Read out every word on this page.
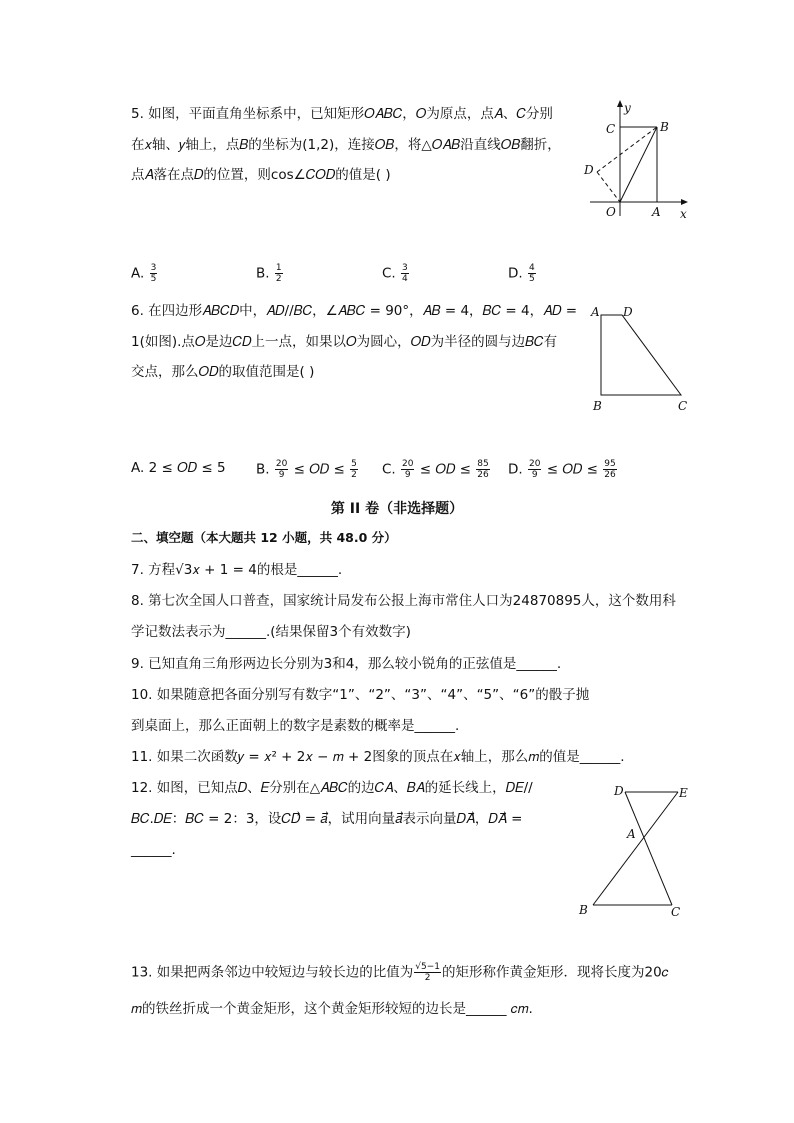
5. 如图，平面直角坐标系中，已知矩形𝑂𝐴𝐵𝐶，𝑂为原点，点𝐴、𝐶分别
在𝑥轴、𝑦轴上，点𝐵的坐标为(1,2)，连接𝑂𝐵，将△𝑂𝐴𝐵沿直线𝑂𝐵翻折，
点𝐴落在点𝐷的位置，则cos∠𝐶𝑂𝐷的值是( )
y
C	B
D
O	A x
A. $\frac{3}{5}$	B. $\frac{1}{2}$	C. $\frac{3}{4}$	D. $\frac{4}{5}$
6. 在四边形𝐴𝐵𝐶𝐷中，𝐴𝐷//𝐵𝐶，∠𝐴𝐵𝐶 = 90°，𝐴𝐵 = 4，𝐵𝐶 = 4，𝐴𝐷 =
1(如图).点𝑂是边𝐶𝐷上一点，如果以𝑂为圆心，𝑂𝐷为半径的圆与边𝐵𝐶有
交点，那么𝑂𝐷的取值范围是( )
A D
B	C
A. 2 ≤ 𝑂𝐷 ≤ 5 B. $\frac{20}{9}$ ≤ 𝑂𝐷 ≤ $\frac{5}{2} C$. $\frac{20}{9}$ ≤ 𝑂𝐷 ≤ $\frac{85}{26} D$. $\frac{20}{9}$ ≤ 𝑂𝐷 ≤ $\frac{95}{26}$
第 II 卷（非选择题）
二、填空题（本大题共 12 小题，共 48.0 分）
7. 方程√3𝑥 + 1 = 4的根是______.
8. 第七次全国人口普查，国家统计局发布公报上海市常住人口为24870895人，这个数用科
学记数法表示为______.(结果保留3个有效数字)
9. 已知直角三角形两边长分别为3和4，那么较小锐角的正弦值是______.
10. 如果随意把各面分别写有数字“1”、“2”、“3”、“4”、“5”、“6”的骰子抛
到桌面上，那么正面朝上的数字是素数的概率是______.
11. 如果二次函数𝑦 = 𝑥² + 2𝑥 − 𝑚 + 2图象的顶点在𝑥轴上，那么𝑚的值是______.
12. 如图，已知点𝐷、𝐸分别在△𝐴𝐵𝐶的边𝐶𝐴、𝐵𝐴的延长线上，𝐷𝐸//
𝐵𝐶.𝐷𝐸：𝐵𝐶 = 2：3，设𝐶𝐷⃗ = 𝑎⃗，试用向量𝑎⃗表示向量𝐷𝐴⃗，𝐷𝐴⃗ =
______.
D	E
A
B	C
13. 如果把两条邻边中较短边与较长边的比值为 $\frac{√5-1}{2}$ 的矩形称作黄金矩形．现将长度为20𝑐
𝑚的铁丝折成一个黄金矩形，这个黄金矩形较短的边长是______ 𝑐𝑚.
